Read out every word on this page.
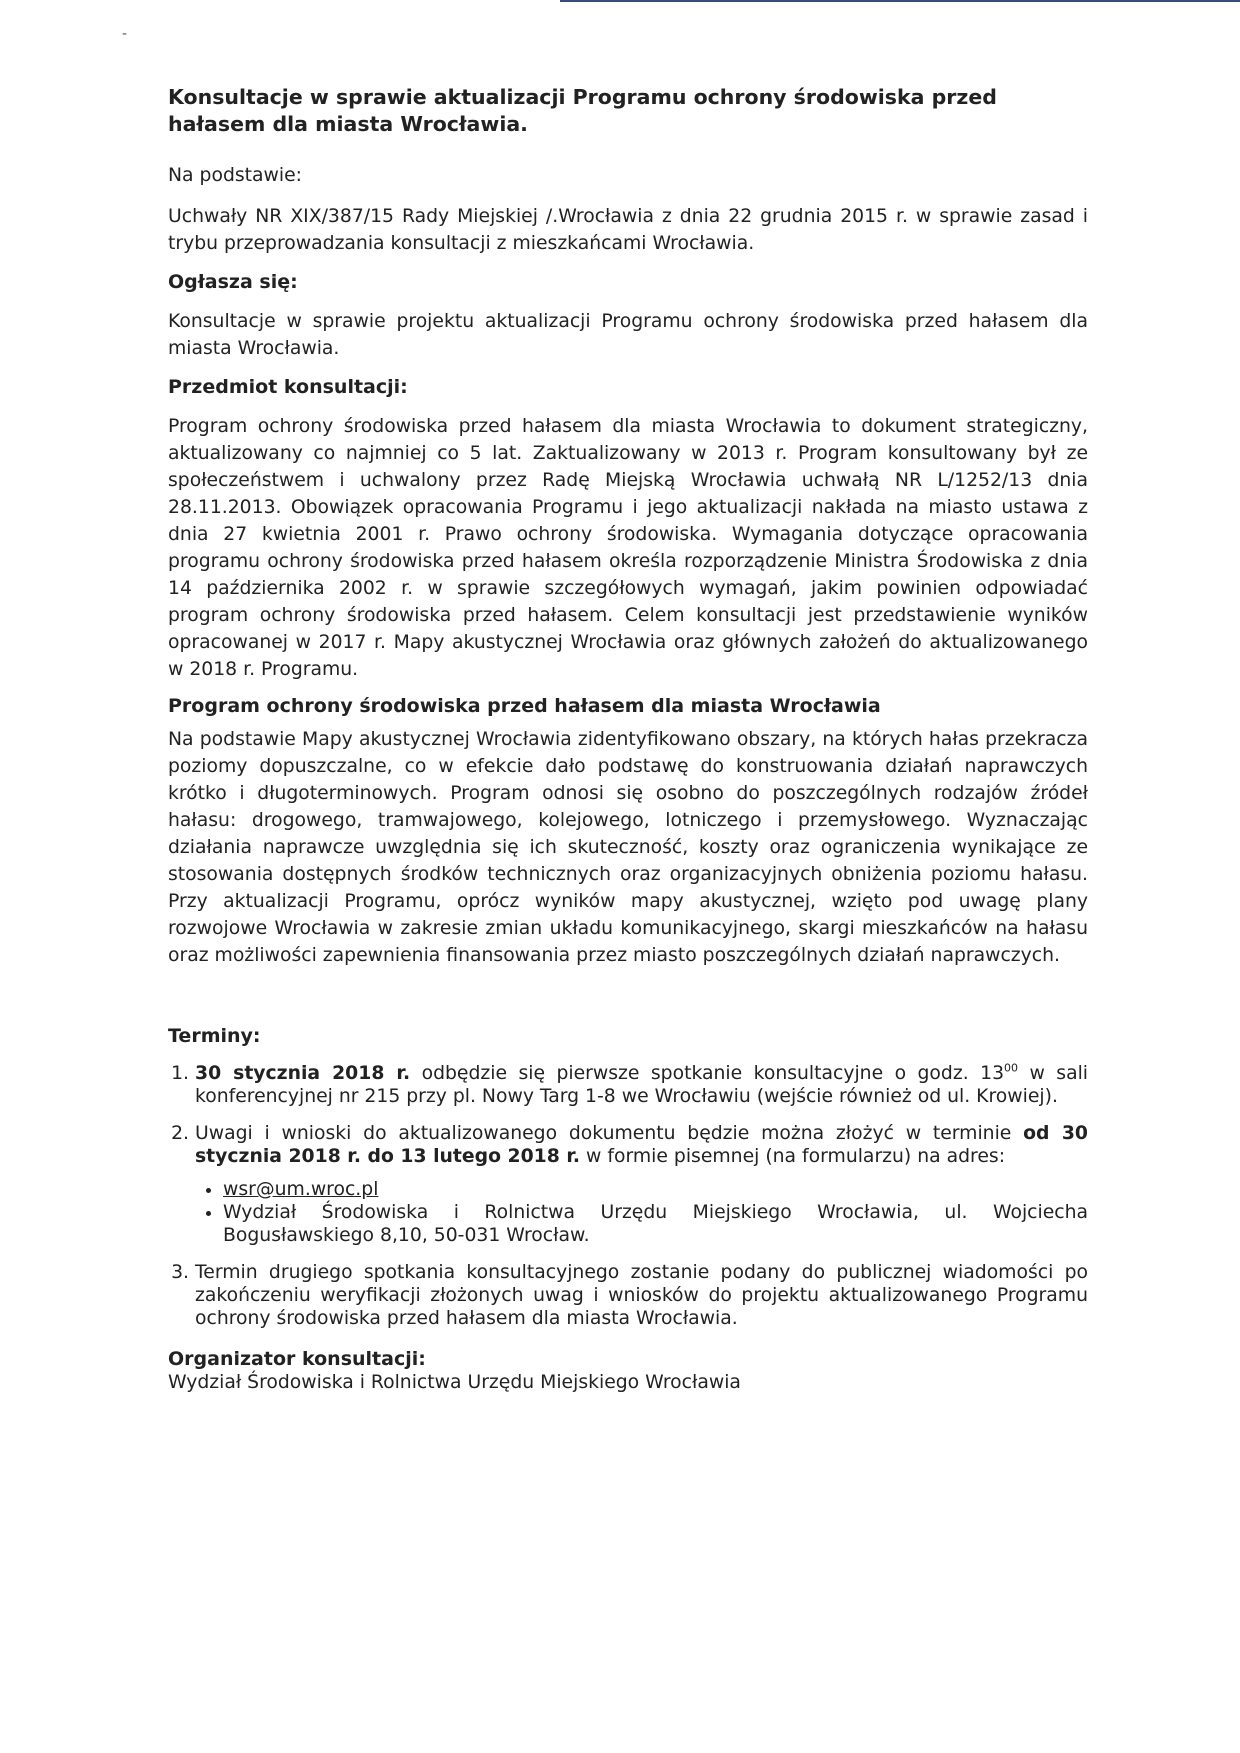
-

Konsultacje w sprawie aktualizacji Programu ochrony środowiska przed hałasem dla miasta Wrocławia.

Na podstawie:

Uchwały NR XIX/387/15 Rady Miejskiej /.Wrocławia z dnia 22 grudnia 2015 r. w sprawie zasad i trybu przeprowadzania konsultacji z mieszkańcami Wrocławia.

Ogłasza się:

Konsultacje w sprawie projektu aktualizacji Programu ochrony środowiska przed hałasem dla miasta Wrocławia.

Przedmiot konsultacji:

Program ochrony środowiska przed hałasem dla miasta Wrocławia to dokument strategiczny, aktualizowany co najmniej co 5 lat. Zaktualizowany w 2013 r. Program konsultowany był ze społeczeństwem i uchwalony przez Radę Miejską Wrocławia uchwałą NR L/1252/13 dnia 28.11.2013. Obowiązek opracowania Programu i jego aktualizacji nakłada na miasto ustawa z dnia 27 kwietnia 2001 r. Prawo ochrony środowiska. Wymagania dotyczące opracowania programu ochrony środowiska przed hałasem określa rozporządzenie Ministra Środowiska z dnia 14 października 2002 r. w sprawie szczegółowych wymagań, jakim powinien odpowiadać program ochrony środowiska przed hałasem. Celem konsultacji jest przedstawienie wyników opracowanej w 2017 r. Mapy akustycznej Wrocławia oraz głównych założeń do aktualizowanego w 2018 r. Programu.

Program ochrony środowiska przed hałasem dla miasta Wrocławia

Na podstawie Mapy akustycznej Wrocławia zidentyfikowano obszary, na których hałas przekracza poziomy dopuszczalne, co w efekcie dało podstawę do konstruowania działań naprawczych krótko i długoterminowych. Program odnosi się osobno do poszczególnych rodzajów źródeł hałasu: drogowego, tramwajowego, kolejowego, lotniczego i przemysłowego. Wyznaczając działania naprawcze uwzględnia się ich skuteczność, koszty oraz ograniczenia wynikające ze stosowania dostępnych środków technicznych oraz organizacyjnych obniżenia poziomu hałasu. Przy aktualizacji Programu, oprócz wyników mapy akustycznej, wzięto pod uwagę plany rozwojowe Wrocławia w zakresie zmian układu komunikacyjnego, skargi mieszkańców na hałasu oraz możliwości zapewnienia finansowania przez miasto poszczególnych działań naprawczych.

Terminy:

1. 30 stycznia 2018 r. odbędzie się pierwsze spotkanie konsultacyjne o godz. $13^{00}$ w sali konferencyjnej nr 215 przy pl. Nowy Targ 1-8 we Wrocławiu (wejście również od ul. Krowiej).
2. Uwagi i wnioski do aktualizowanego dokumentu będzie można złożyć w terminie od 30 stycznia 2018 r. do 13 lutego 2018 r. w formie pisemnej (na formularzu) na adres:
• wsr@um.wroc.pl
• Wydział Środowiska i Rolnictwa Urzędu Miejskiego Wrocławia, ul. Wojciecha Bogusławskiego 8,10, 50-031 Wrocław.
3. Termin drugiego spotkania konsultacyjnego zostanie podany do publicznej wiadomości po zakończeniu weryfikacji złożonych uwag i wniosków do projektu aktualizowanego Programu ochrony środowiska przed hałasem dla miasta Wrocławia.

Organizator konsultacji:

Wydział Środowiska i Rolnictwa Urzędu Miejskiego Wrocławia
